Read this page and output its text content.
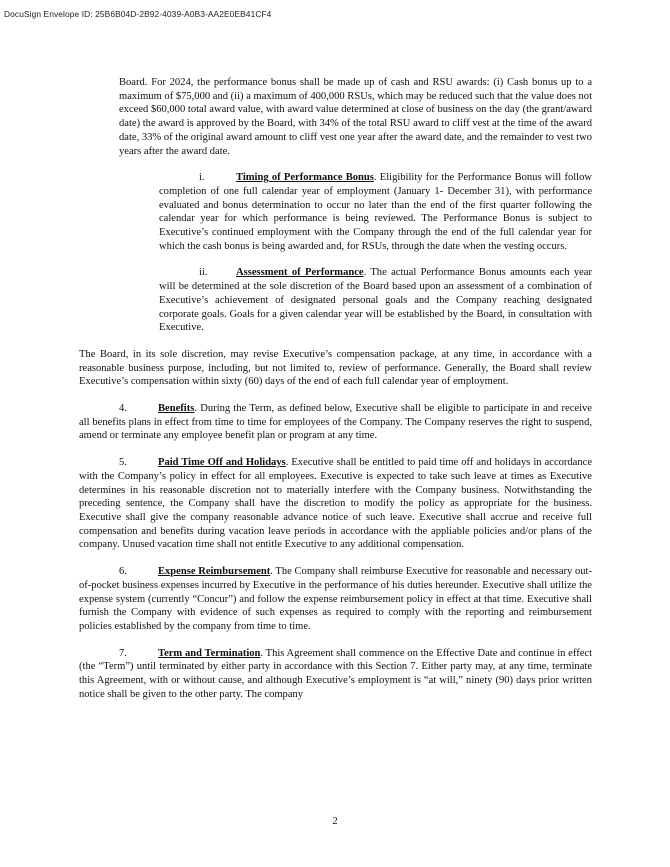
DocuSign Envelope ID: 25B6B04D-2B92-4039-A0B3-AA2E0EB41CF4

Board. For 2024, the performance bonus shall be made up of cash and RSU awards: (i) Cash bonus up to a maximum of $75,000 and (ii) a maximum of 400,000 RSUs, which may be reduced such that the value does not exceed $60,000 total award value, with award value determined at close of business on the day (the grant/award date) the award is approved by the Board, with 34% of the total RSU award to cliff vest at the time of the award date, 33% of the original award amount to cliff vest one year after the award date, and the remainder to vest two years after the award date.

i.	Timing of Performance Bonus. Eligibility for the Performance Bonus will follow completion of one full calendar year of employment (January 1- December 31), with performance evaluated and bonus determination to occur no later than the end of the first quarter following the calendar year for which performance is being reviewed. The Performance Bonus is subject to Executive’s continued employment with the Company through the end of the full calendar year for which the cash bonus is being awarded and, for RSUs, through the date when the vesting occurs.

ii.	Assessment of Performance. The actual Performance Bonus amounts each year will be determined at the sole discretion of the Board based upon an assessment of a combination of Executive’s achievement of designated personal goals and the Company reaching designated corporate goals. Goals for a given calendar year will be established by the Board, in consultation with Executive.

The Board, in its sole discretion, may revise Executive’s compensation package, at any time, in accordance with a reasonable business purpose, including, but not limited to, review of performance. Generally, the Board shall review Executive’s compensation within sixty (60) days of the end of each full calendar year of employment.

4.	Benefits. During the Term, as defined below, Executive shall be eligible to participate in and receive all benefits plans in effect from time to time for employees of the Company. The Company reserves the right to suspend, amend or terminate any employee benefit plan or program at any time.

5.	Paid Time Off and Holidays. Executive shall be entitled to paid time off and holidays in accordance with the Company’s policy in effect for all employees. Executive is expected to take such leave at times as Executive determines in his reasonable discretion not to materially interfere with the Company business. Notwithstanding the preceding sentence, the Company shall have the discretion to modify the policy as appropriate for the business. Executive shall give the company reasonable advance notice of such leave. Executive shall accrue and receive full compensation and benefits during vacation leave periods in accordance with the appliable policies and/or plans of the company. Unused vacation time shall not entitle Executive to any additional compensation.

6.	Expense Reimbursement. The Company shall reimburse Executive for reasonable and necessary out-of-pocket business expenses incurred by Executive in the performance of his duties hereunder. Executive shall utilize the expense system (currently “Concur”) and follow the expense reimbursement policy in effect at that time. Executive shall furnish the Company with evidence of such expenses as required to comply with the reporting and reimbursement policies established by the company from time to time.

7.	Term and Termination. This Agreement shall commence on the Effective Date and continue in effect (the “Term”) until terminated by either party in accordance with this Section 7. Either party may, at any time, terminate this Agreement, with or without cause, and although Executive’s employment is “at will,” ninety (90) days prior written notice shall be given to the other party. The company

2
